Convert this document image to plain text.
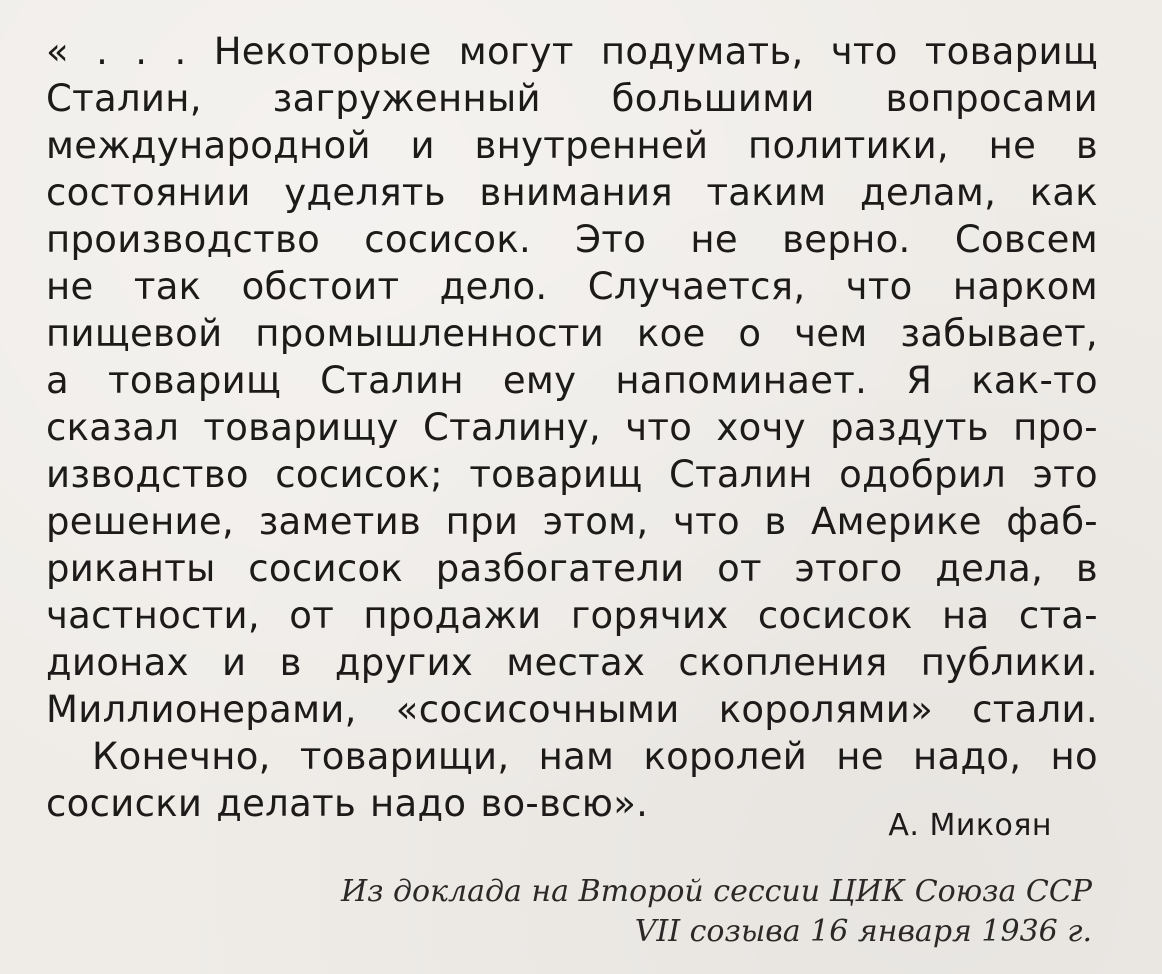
« . . . Некоторые могут подумать, что товарищ
Сталин, загруженный большими вопросами
международной и внутренней политики, не в
состоянии уделять внимания таким делам, как
производство сосисок. Это не верно. Совсем
не так обстоит дело. Случается, что нарком
пищевой промышленности кое о чем забывает,
а товарищ Сталин ему напоминает. Я как-то
сказал товарищу Сталину, что хочу раздуть про-
изводство сосисок; товарищ Сталин одобрил это
решение, заметив при этом, что в Америке фаб-
риканты сосисок разбогатели от этого дела, в
частности, от продажи горячих сосисок на ста-
дионах и в других местах скопления публики.
Миллионерами, «сосисочными королями» стали.
Конечно, товарищи, нам королей не надо, но
сосиски делать надо во-всю».
А. Микоян
Из доклада на Второй сессии ЦИК Союза ССР
VII созыва 16 января 1936 г.
